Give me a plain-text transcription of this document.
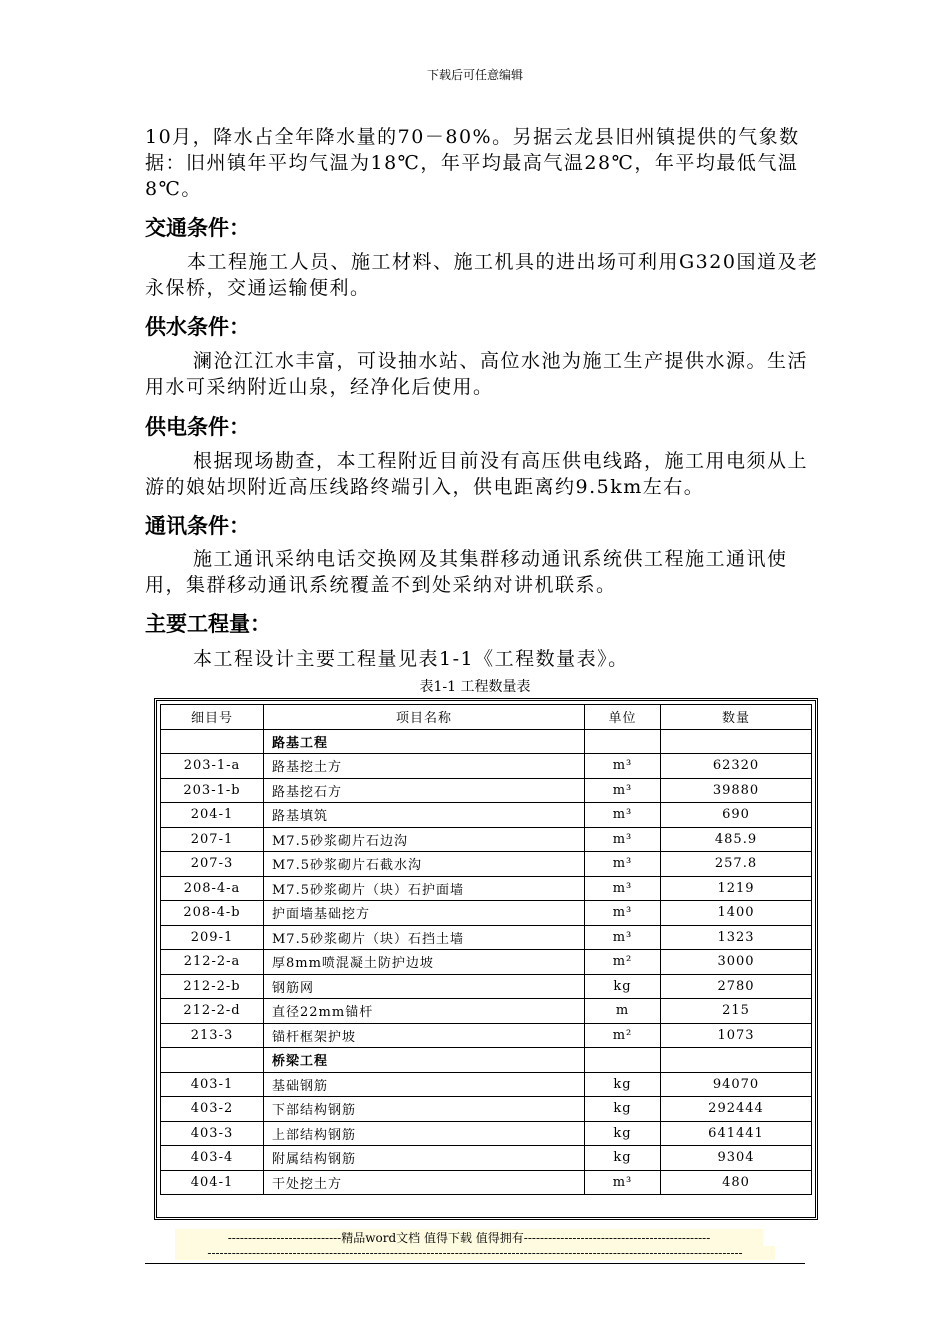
下载后可任意编辑

10月，降水占全年降水量的70－80%。另据云龙县旧州镇提供的气象数据：旧州镇年平均气温为18℃，年平均最高气温28℃，年平均最低气温8℃。

交通条件：

本工程施工人员、施工材料、施工机具的进出场可利用G320国道及老永保桥，交通运输便利。

供水条件：

澜沧江江水丰富，可设抽水站、高位水池为施工生产提供水源。生活用水可采纳附近山泉，经净化后使用。

供电条件：

根据现场勘查，本工程附近目前没有高压供电线路，施工用电须从上游的娘姑坝附近高压线路终端引入，供电距离约9.5km左右。

通讯条件：

施工通讯采纳电话交换网及其集群移动通讯系统供工程施工通讯使用，集群移动通讯系统覆盖不到处采纳对讲机联系。

主要工程量：

本工程设计主要工程量见表1-1《工程数量表》。

表1-1 工程数量表
细目号	项目名称	单位	数量
	路基工程		
203-1-a	路基挖土方	m³	62320
203-1-b	路基挖石方	m³	39880
204-1	路基填筑	m³	690
207-1	M7.5砂浆砌片石边沟	m³	485.9
207-3	M7.5砂浆砌片石截水沟	m³	257.8
208-4-a	M7.5砂浆砌片（块）石护面墙	m³	1219
208-4-b	护面墙基础挖方	m³	1400
209-1	M7.5砂浆砌片（块）石挡土墙	m³	1323
212-2-a	厚8mm喷混凝土防护边坡	m²	3000
212-2-b	钢筋网	kg	2780
212-2-d	直径22mm锚杆	m	215
213-3	锚杆框架护坡	m²	1073
	桥梁工程		
403-1	基础钢筋	kg	94070
403-2	下部结构钢筋	kg	292444
403-3	上部结构钢筋	kg	641441
403-4	附属结构钢筋	kg	9304
404-1	干处挖土方	m³	480
----------------------------精品word文档 值得下载 值得拥有----------------------------------------------
------------------------------------------------------------------------------------------------------------------------------------
